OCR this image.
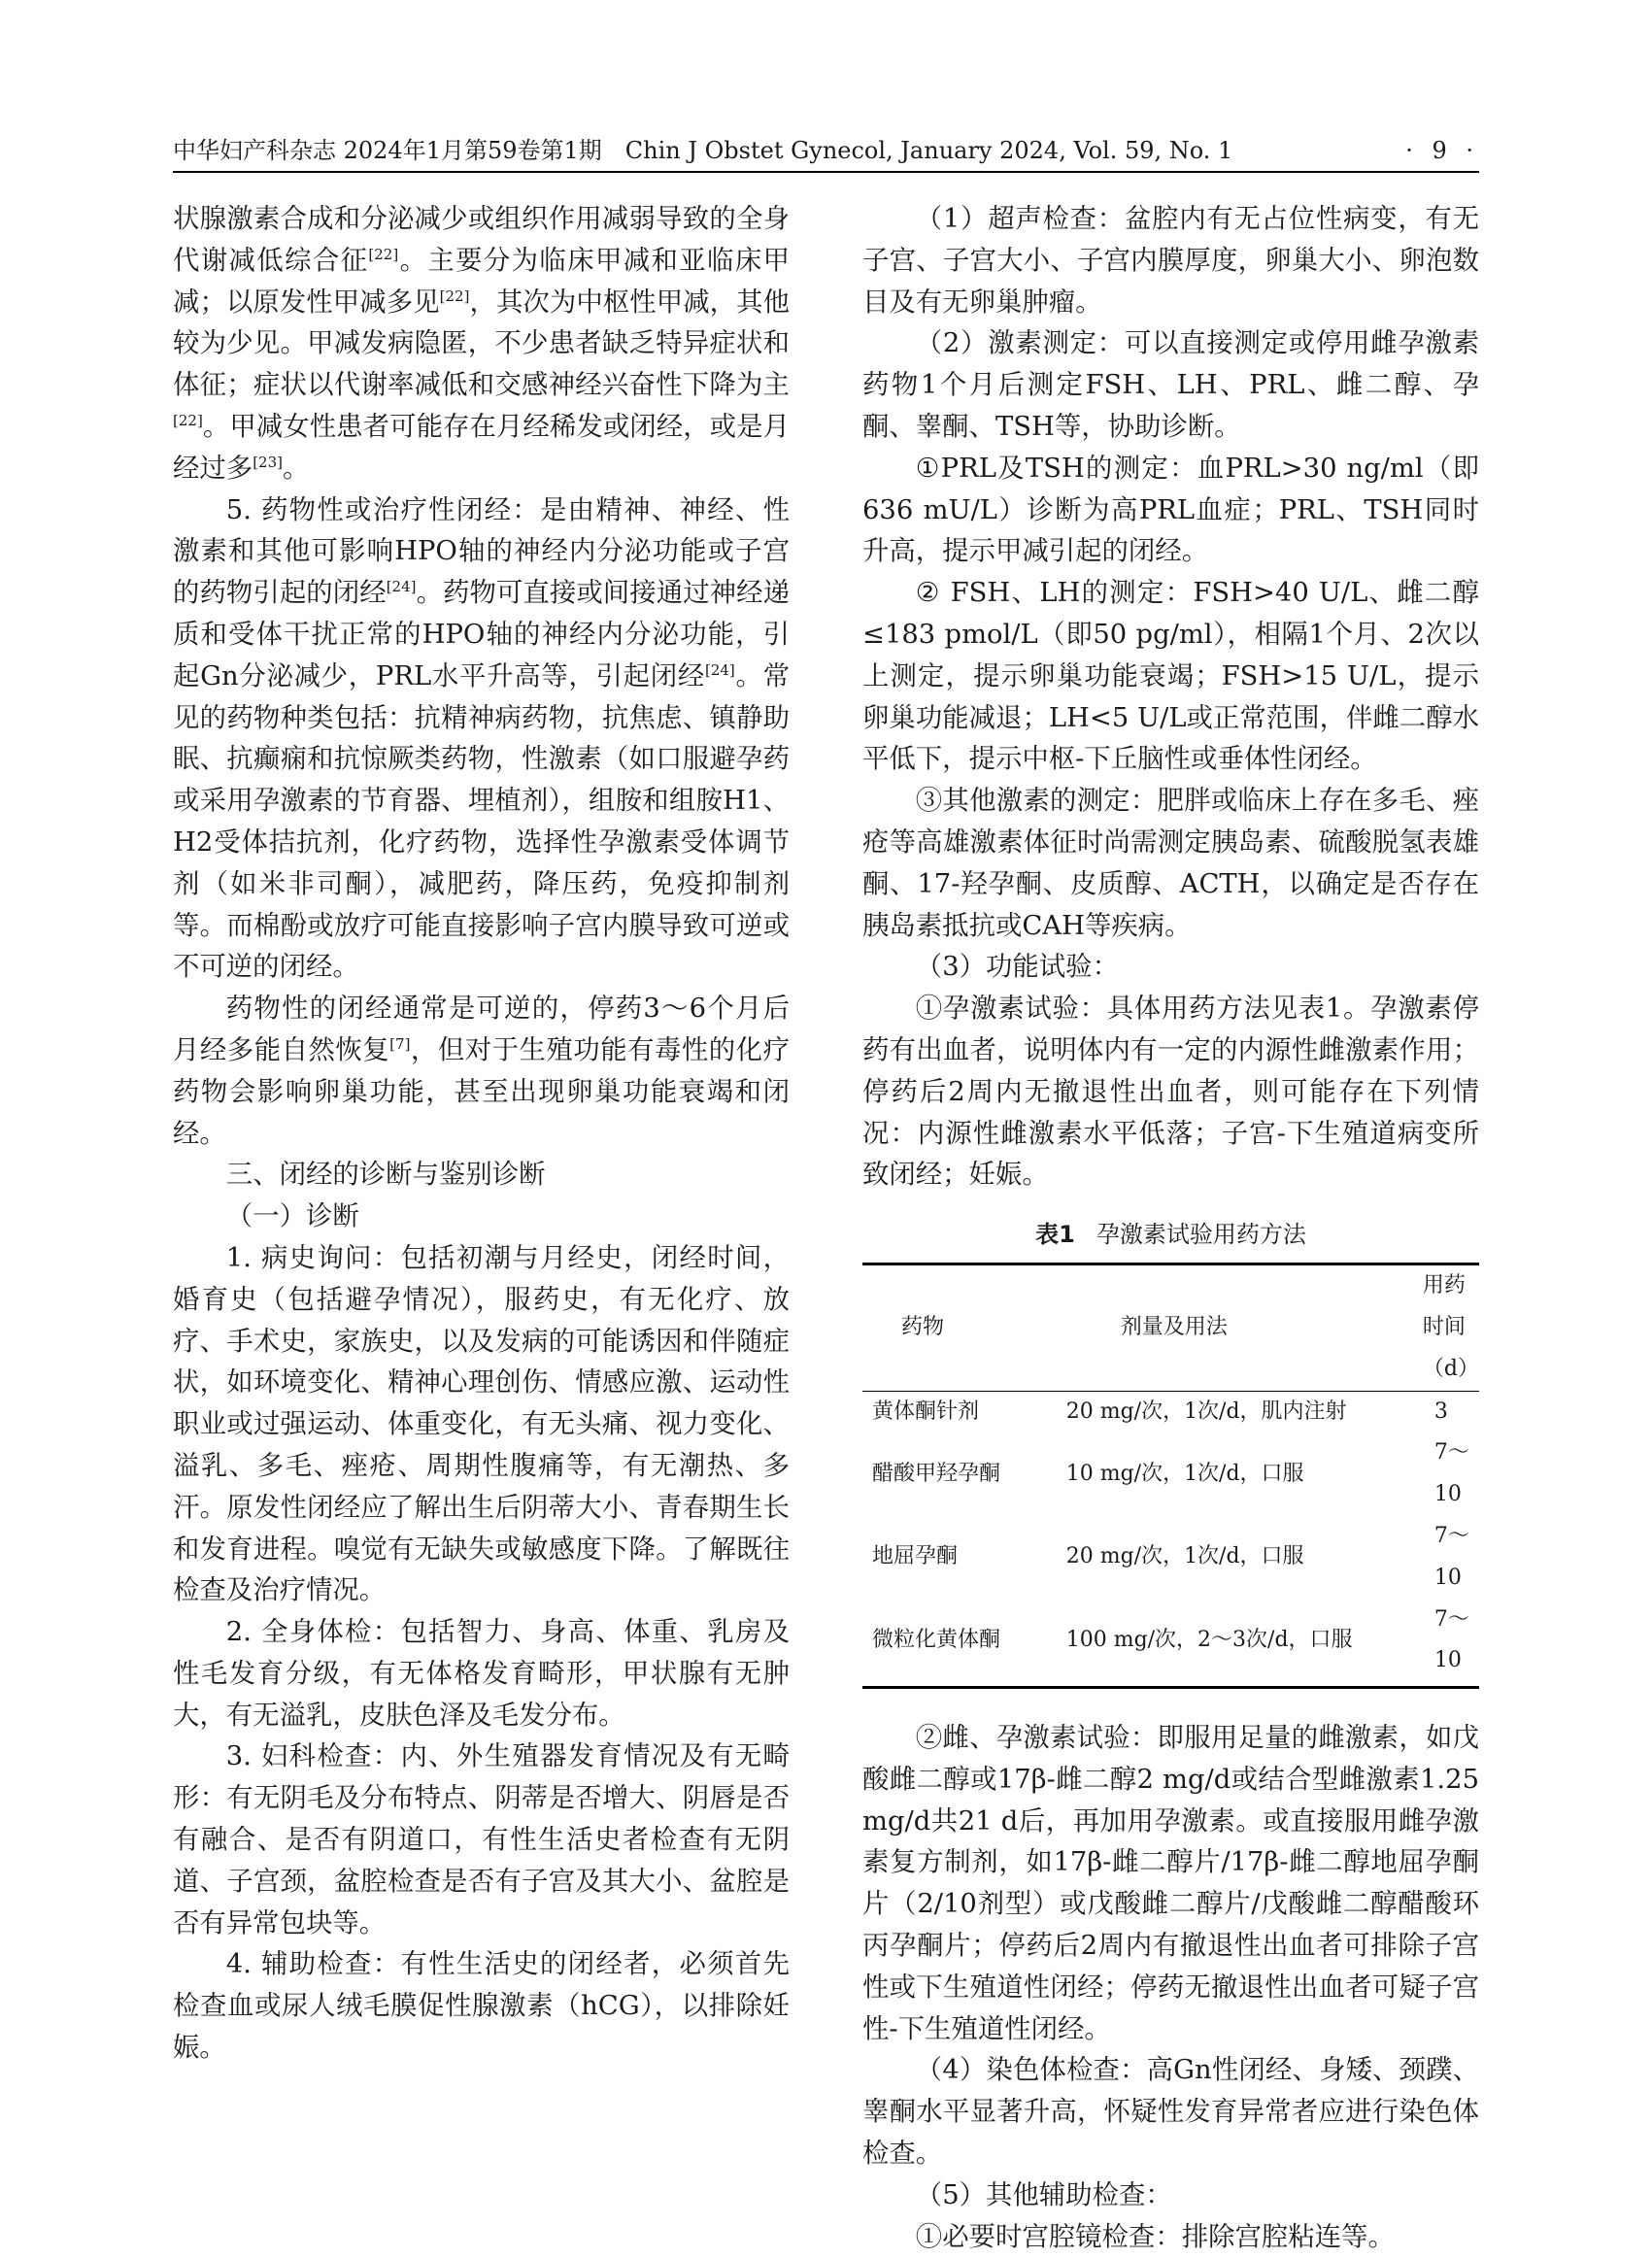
中华妇产科杂志 2024年1月第59卷第1期　Chin J Obstet Gynecol, January 2024, Vol. 59, No. 1	· 9 ·

状腺激素合成和分泌减少或组织作用减弱导致的全身代谢减低综合征[22]。主要分为临床甲减和亚临床甲减；以原发性甲减多见[22]，其次为中枢性甲减，其他较为少见。甲减发病隐匿，不少患者缺乏特异症状和体征；症状以代谢率减低和交感神经兴奋性下降为主[22]。甲减女性患者可能存在月经稀发或闭经，或是月经过多[23]。

5. 药物性或治疗性闭经：是由精神、神经、性激素和其他可影响HPO轴的神经内分泌功能或子宫的药物引起的闭经[24]。药物可直接或间接通过神经递质和受体干扰正常的HPO轴的神经内分泌功能，引起Gn分泌减少，PRL水平升高等，引起闭经[24]。常见的药物种类包括：抗精神病药物，抗焦虑、镇静助眠、抗癫痫和抗惊厥类药物，性激素（如口服避孕药或采用孕激素的节育器、埋植剂），组胺和组胺H1、H2受体拮抗剂，化疗药物，选择性孕激素受体调节剂（如米非司酮），减肥药，降压药，免疫抑制剂等。而棉酚或放疗可能直接影响子宫内膜导致可逆或不可逆的闭经。

药物性的闭经通常是可逆的，停药3～6个月后月经多能自然恢复[7]，但对于生殖功能有毒性的化疗药物会影响卵巢功能，甚至出现卵巢功能衰竭和闭经。

三、闭经的诊断与鉴别诊断

（一）诊断

1. 病史询问：包括初潮与月经史，闭经时间，婚育史（包括避孕情况），服药史，有无化疗、放疗、手术史，家族史，以及发病的可能诱因和伴随症状，如环境变化、精神心理创伤、情感应激、运动性职业或过强运动、体重变化，有无头痛、视力变化、溢乳、多毛、痤疮、周期性腹痛等，有无潮热、多汗。原发性闭经应了解出生后阴蒂大小、青春期生长和发育进程。嗅觉有无缺失或敏感度下降。了解既往检查及治疗情况。

2. 全身体检：包括智力、身高、体重、乳房及性毛发育分级，有无体格发育畸形，甲状腺有无肿大，有无溢乳，皮肤色泽及毛发分布。

3. 妇科检查：内、外生殖器发育情况及有无畸形：有无阴毛及分布特点、阴蒂是否增大、阴唇是否有融合、是否有阴道口，有性生活史者检查有无阴道、子宫颈，盆腔检查是否有子宫及其大小、盆腔是否有异常包块等。

4. 辅助检查：有性生活史的闭经者，必须首先检查血或尿人绒毛膜促性腺激素（hCG），以排除妊娠。

（1）超声检查：盆腔内有无占位性病变，有无子宫、子宫大小、子宫内膜厚度，卵巢大小、卵泡数目及有无卵巢肿瘤。

（2）激素测定：可以直接测定或停用雌孕激素药物1个月后测定FSH、LH、PRL、雌二醇、孕酮、睾酮、TSH等，协助诊断。

①PRL及TSH的测定：血PRL>30 ng/ml（即636 mU/L）诊断为高PRL血症；PRL、TSH同时升高，提示甲减引起的闭经。

② FSH、LH的测定：FSH>40 U/L、雌二醇≤183 pmol/L（即50 pg/ml），相隔1个月、2次以上测定，提示卵巢功能衰竭；FSH>15 U/L，提示卵巢功能减退；LH<5 U/L或正常范围，伴雌二醇水平低下，提示中枢-下丘脑性或垂体性闭经。

③其他激素的测定：肥胖或临床上存在多毛、痤疮等高雄激素体征时尚需测定胰岛素、硫酸脱氢表雄酮、17-羟孕酮、皮质醇、ACTH，以确定是否存在胰岛素抵抗或CAH等疾病。

（3）功能试验：

①孕激素试验：具体用药方法见表1。孕激素停药有出血者，说明体内有一定的内源性雌激素作用；停药后2周内无撤退性出血者，则可能存在下列情况：内源性雌激素水平低落；子宫-下生殖道病变所致闭经；妊娠。

表1 孕激素试验用药方法
药物	剂量及用法	用药时间（d）
黄体酮针剂	20 mg/次，1次/d，肌内注射	3
醋酸甲羟孕酮	10 mg/次，1次/d，口服	7～10
地屈孕酮	20 mg/次，1次/d，口服	7～10
微粒化黄体酮	100 mg/次，2～3次/d，口服	7～10

②雌、孕激素试验：即服用足量的雌激素，如戊酸雌二醇或17β-雌二醇2 mg/d或结合型雌激素1.25 mg/d共21 d后，再加用孕激素。或直接服用雌孕激素复方制剂，如17β-雌二醇片/17β-雌二醇地屈孕酮片（2/10剂型）或戊酸雌二醇片/戊酸雌二醇醋酸环丙孕酮片；停药后2周内有撤退性出血者可排除子宫性或下生殖道性闭经；停药无撤退性出血者可疑子宫性-下生殖道性闭经。

（4）染色体检查：高Gn性闭经、身矮、颈蹼、睾酮水平显著升高，怀疑性发育异常者应进行染色体检查。

（5）其他辅助检查：

①必要时宫腔镜检查：排除宫腔粘连等。
